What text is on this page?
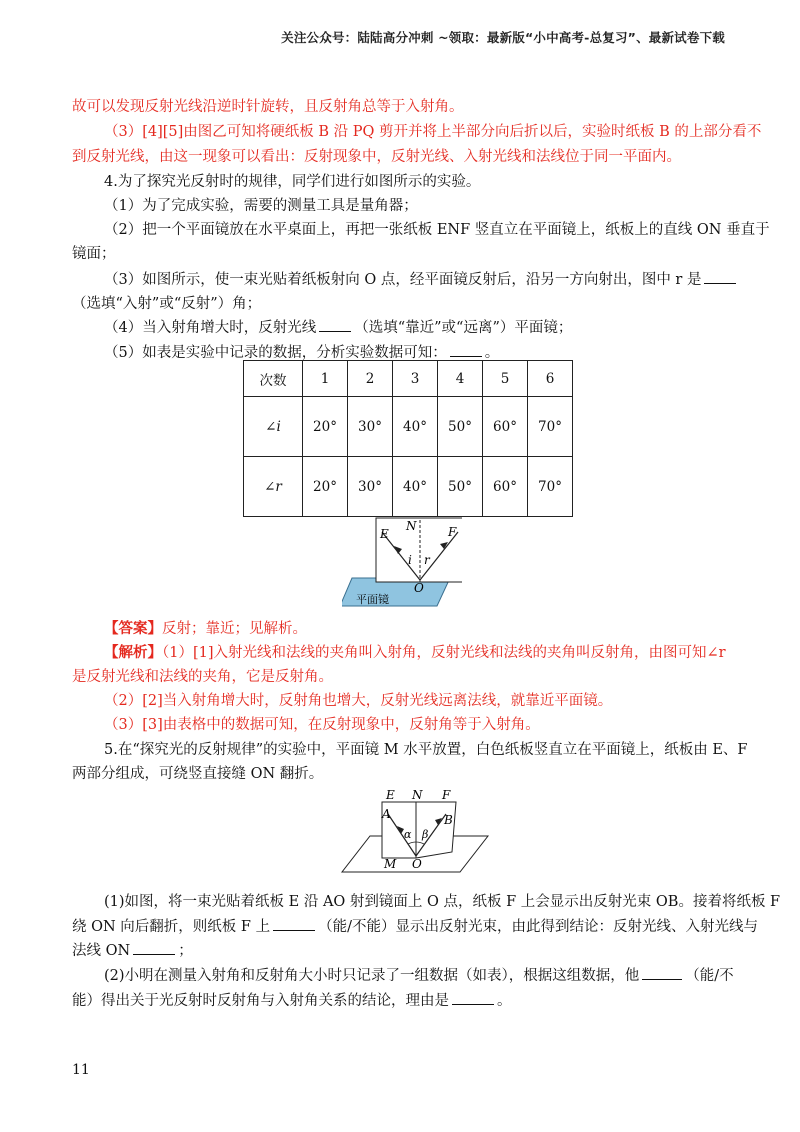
关注公众号：陆陆高分冲刺 ~领取：最新版“小中高考-总复习”、最新试卷下载
故可以发现反射光线沿逆时针旋转，且反射角总等于入射角。
（3）[4][5]由图乙可知将硬纸板 B 沿 PQ 剪开并将上半部分向后折以后，实验时纸板 B 的上部分看不
到反射光线，由这一现象可以看出：反射现象中，反射光线、入射光线和法线位于同一平面内。
4.为了探究光反射时的规律，同学们进行如图所示的实验。
（1）为了完成实验，需要的测量工具是量角器；
（2）把一个平面镜放在水平桌面上，再把一张纸板 ENF 竖直立在平面镜上，纸板上的直线 ON 垂直于
镜面；
（3）如图所示，使一束光贴着纸板射向 O 点，经平面镜反射后，沿另一方向射出，图中 r 是
（选填“入射”或“反射”）角；
（4）当入射角增大时，反射光线	（选填“靠近”或“远离”）平面镜；
（5）如表是实验中记录的数据，分析实验数据可知：	。
次数	1	2	3	4	5	6
∠i	20°	30°	40°	50°	60°	70°
∠r	20°	30°	40°	50°	60°	70°
E
N	F
i r
O
平面镜
【答案】反射；靠近；见解析。
【解析】（1）[1]入射光线和法线的夹角叫入射角，反射光线和法线的夹角叫反射角，由图可知∠r
是反射光线和法线的夹角，它是反射角。
（2）[2]当入射角增大时，反射角也增大，反射光线远离法线，就靠近平面镜。
（3）[3]由表格中的数据可知，在反射现象中，反射角等于入射角。
5.在“探究光的反射规律”的实验中，平面镜 M 水平放置，白色纸板竖直立在平面镜上，纸板由 E、F
两部分组成，可绕竖直接缝 ON 翻折。
E N F
A	B
α β
M O
(1)如图，将一束光贴着纸板 E 沿 AO 射到镜面上 O 点，纸板 F 上会显示出反射光束 OB。接着将纸板 F
绕 ON 向后翻折，则纸板 F 上	（能/不能）显示出反射光束，由此得到结论：反射光线、入射光线与
法线 ON	；
(2)小明在测量入射角和反射角大小时只记录了一组数据（如表），根据这组数据，他	（能/不
能）得出关于光反射时反射角与入射角关系的结论，理由是	。
11
